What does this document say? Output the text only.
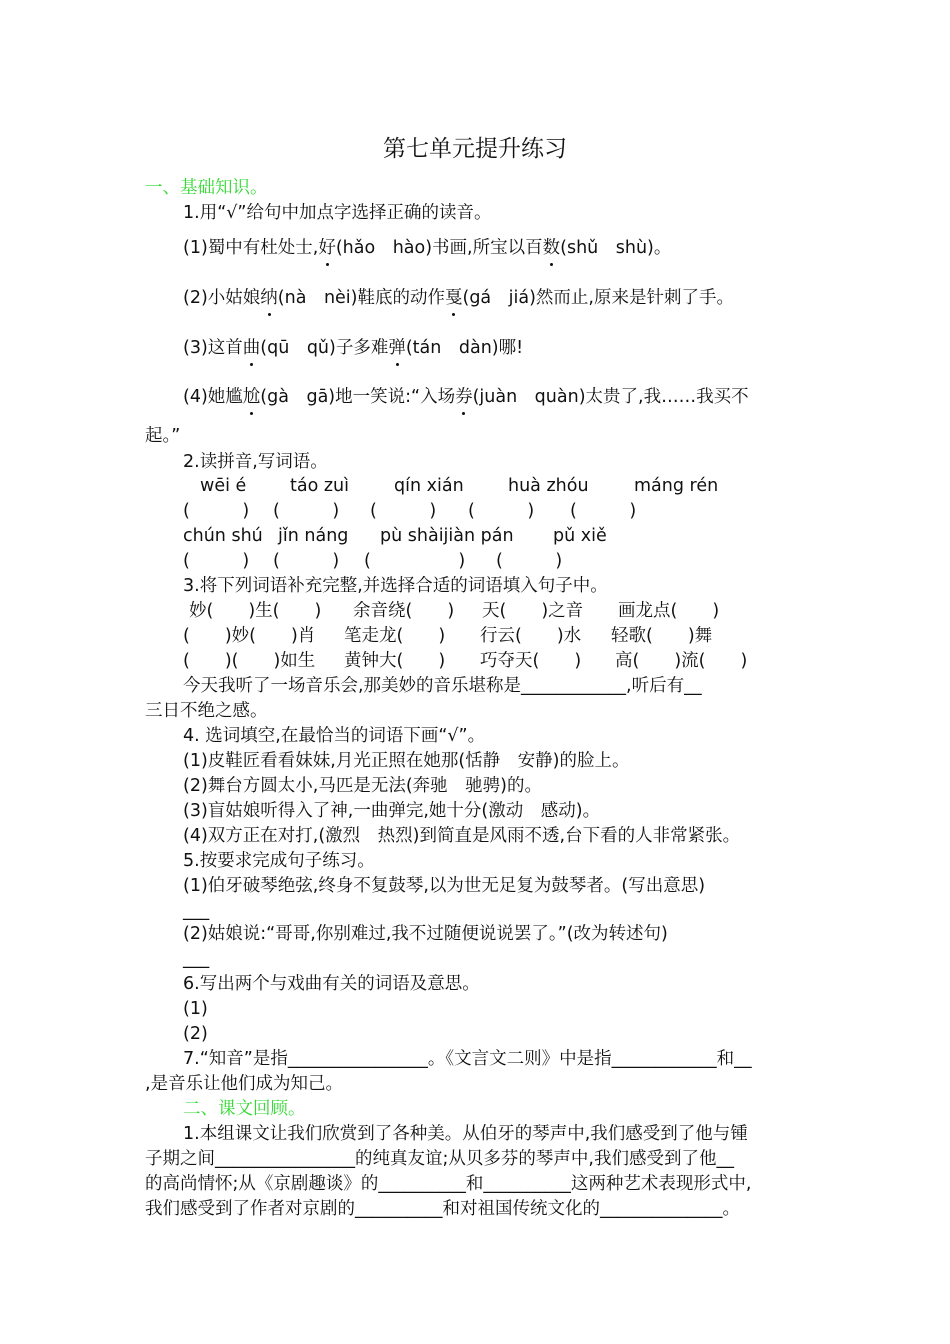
第七单元提升练习
一、基础知识。
1.用“√”给句中加点字选择正确的读音。
(1)蜀中有杜处士,好(hǎo　hào)书画,所宝以百数(shǔ　shù)。
(2)小姑娘纳(nà　nèi)鞋底的动作戛(gá　jiá)然而止,原来是针刺了手。
(3)这首曲(qū　qǔ)子多难弹(tán　dàn)哪!
(4)她尴尬(gà　gā)地一笑说:“入场券(juàn　quàn)太贵了,我……我买不
起。”
2.读拼音,写词语。
wēi é táo zuì	qín xián	huà zhóu	máng rén
(　　　) (　　　) (　　　) (　　　) (　　　)
chún shú jǐn náng pù shàijiàn pán pǔ xiě
(　　　) (　　　) (　　　　　) (　　　)
3.将下列词语补充完整,并选择合适的词语填入句子中。
妙(　　)生(　　) 余音绕(　　) 天(　　)之音 画龙点(　　)
(　　)妙(　　)肖 笔走龙(　　) 行云(　　)水 轻歌(　　)舞
(　　)(　　)如生 黄钟大(　　) 巧夺天(　　) 高(　　)流(　　)
今天我听了一场音乐会,那美妙的音乐堪称是____________,听后有__
三日不绝之感。
4. 选词填空,在最恰当的词语下画“√”。
(1)皮鞋匠看看妹妹,月光正照在她那(恬静　安静)的脸上。
(2)舞台方圆太小,马匹是无法(奔驰　驰骋)的。
(3)盲姑娘听得入了神,一曲弹完,她十分(激动　感动)。
(4)双方正在对打,(激烈　热烈)到简直是风雨不透,台下看的人非常紧张。
5.按要求完成句子练习。
(1)伯牙破琴绝弦,终身不复鼓琴,以为世无足复为鼓琴者。(写出意思)
___
(2)姑娘说:“哥哥,你别难过,我不过随便说说罢了。”(改为转述句)
___
6.写出两个与戏曲有关的词语及意思。
(1)
(2)
7.“知音”是指________________。《文言文二则》中是指____________和__
,是音乐让他们成为知己。
二、课文回顾。
1.本组课文让我们欣赏到了各种美。从伯牙的琴声中,我们感受到了他与锺
子期之间________________的纯真友谊;从贝多芬的琴声中,我们感受到了他__
的高尚情怀;从《京剧趣谈》的__________和__________这两种艺术表现形式中,
我们感受到了作者对京剧的__________和对祖国传统文化的______________。
